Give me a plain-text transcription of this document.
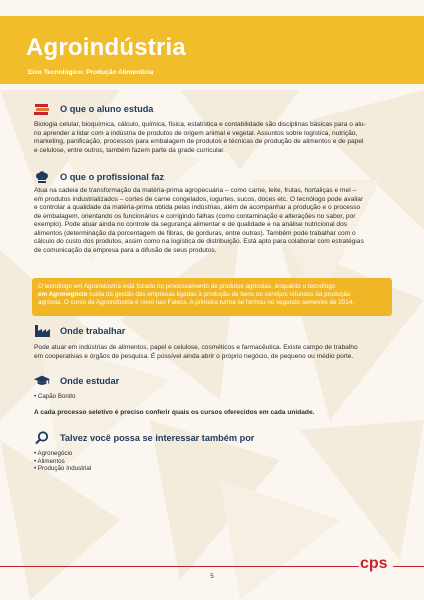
Agroindústria
Eixo Tecnológico: Produção Alimentícia
O que o aluno estuda
Biologia celular, bioquímica, cálculo, química, física, estatística e contabilidade são disciplinas básicas para o alu-
no aprender a lidar com a indústria de produtos de origem animal e vegetal. Assuntos sobre logística, nutrição,
marketing, panificação, processos para embalagem de produtos e técnicas de produção de alimentos e de papel
e celulose, entre outros, também fazem parte da grade curricular.
O que o profissional faz
Atua na cadeia de transformação da matéria-prima agropecuária – como carne, leite, frutas, hortaliças e mel –
em produtos industrializados – cortes de carne congelados, iogurtes, sucos, doces etc. O tecnólogo pode avaliar
e controlar a qualidade da matéria-prima obtida pelas indústrias, além de acompanhar a produção e o processo
de embalagem, orientando os funcionários e corrigindo falhas (como contaminação e alterações no sabor, por
exemplo). Pode atuar ainda no controle da segurança alimentar e de qualidade e na análise nutricional dos
alimentos (determinação da porcentagem de fibras, de gorduras, entre outras). Também pode trabalhar com o
cálculo do custo dos produtos, assim como na logística de distribuição. Está apto para colaborar com estratégias
de comunicação da empresa para a difusão de seus produtos.
O tecnólogo em Agroindústria está focado no processamento de produtos agrícolas, enquanto o tecnólogo
em Agronegócio cuida da gestão das empresas ligadas à produção de bens ou serviços oriundos da produção
agrícola. O curso de Agroindústria é novo nas Fatecs. A primeira turma se formou no segundo semestre de 2014.
Onde trabalhar
Pode atuar em indústrias de alimentos, papel e celulose, cosméticos e farmacêutica. Existe campo de trabalho
em cooperativas e órgãos de pesquisa. É possível ainda abrir o próprio negócio, de pequeno ou médio porte.
Onde estudar
• Capão Bonito
A cada processo seletivo é preciso conferir quais os cursos oferecidos em cada unidade.
Talvez você possa se interessar também por
• Agronegócio
• Alimentos
• Produção Industrial
cps
5
